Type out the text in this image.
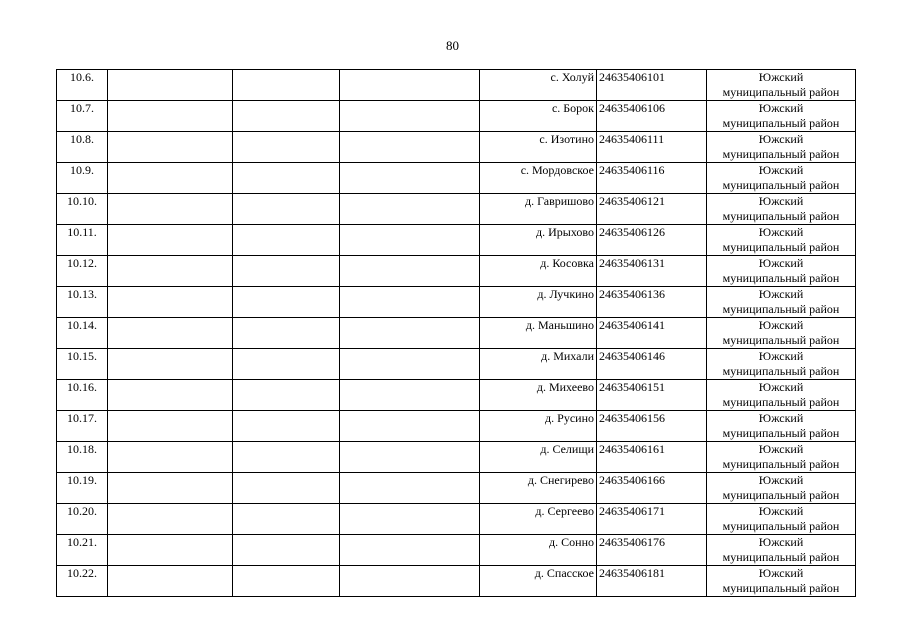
80
10.6.				с. Холуй	24635406101	Южский
муниципальный район

10.7.				с. Борок	24635406106	Южский
муниципальный район

10.8.				с. Изотино	24635406111	Южский
муниципальный район

10.9.				с. Мордовское	24635406116	Южский
муниципальный район

10.10.				д. Гавришово	24635406121	Южский
муниципальный район

10.11.				д. Ирыхово	24635406126	Южский
муниципальный район

10.12.				д. Косовка	24635406131	Южский
муниципальный район

10.13.				д. Лучкино	24635406136	Южский
муниципальный район

10.14.				д. Маньшино	24635406141	Южский
муниципальный район

10.15.				д. Михали	24635406146	Южский
муниципальный район

10.16.				д. Михеево	24635406151	Южский
муниципальный район

10.17.				д. Русино	24635406156	Южский
муниципальный район

10.18.				д. Селищи	24635406161	Южский
муниципальный район

10.19.				д. Снегирево	24635406166	Южский
муниципальный район

10.20.				д. Сергеево	24635406171	Южский
муниципальный район

10.21.				д. Сонно	24635406176	Южский
муниципальный район

10.22.				д. Спасское	24635406181	Южский
муниципальный район
